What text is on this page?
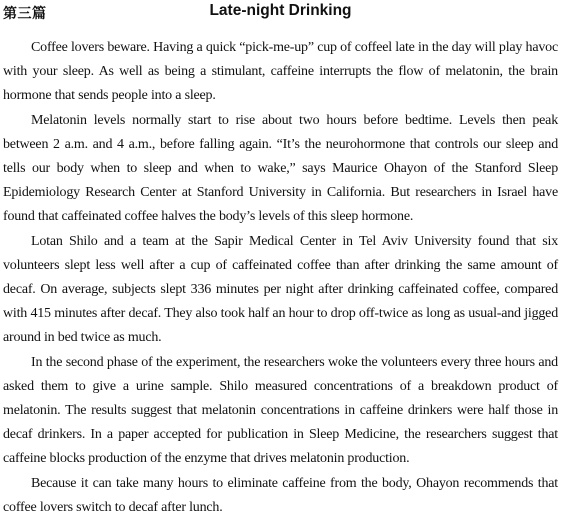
第三篇	Late-night Drinking

Coffee lovers beware. Having a quick “pick-me-up” cup of coffeel late in the day will play havoc with your sleep. As well as being a stimulant, caffeine interrupts the flow of melatonin, the brain hormone that sends people into a sleep.

Melatonin levels normally start to rise about two hours before bedtime. Levels then peak between 2 a.m. and 4 a.m., before falling again. “It’s the neurohormone that controls our sleep and tells our body when to sleep and when to wake,” says Maurice Ohayon of the Stanford Sleep Epidemiology Research Center at Stanford University in California. But researchers in Israel have found that caffeinated coffee halves the body’s levels of this sleep hormone.

Lotan Shilo and a team at the Sapir Medical Center in Tel Aviv University found that six volunteers slept less well after a cup of caffeinated coffee than after drinking the same amount of decaf. On average, subjects slept 336 minutes per night after drinking caffeinated coffee, compared with 415 minutes after decaf. They also took half an hour to drop off-twice as long as usual-and jigged around in bed twice as much.

In the second phase of the experiment, the researchers woke the volunteers every three hours and asked them to give a urine sample. Shilo measured concentrations of a breakdown product of melatonin. The results suggest that melatonin concentrations in caffeine drinkers were half those in decaf drinkers. In a paper accepted for publication in Sleep Medicine, the researchers suggest that caffeine blocks production of the enzyme that drives melatonin production.

Because it can take many hours to eliminate caffeine from the body, Ohayon recommends that coffee lovers switch to decaf after lunch.
